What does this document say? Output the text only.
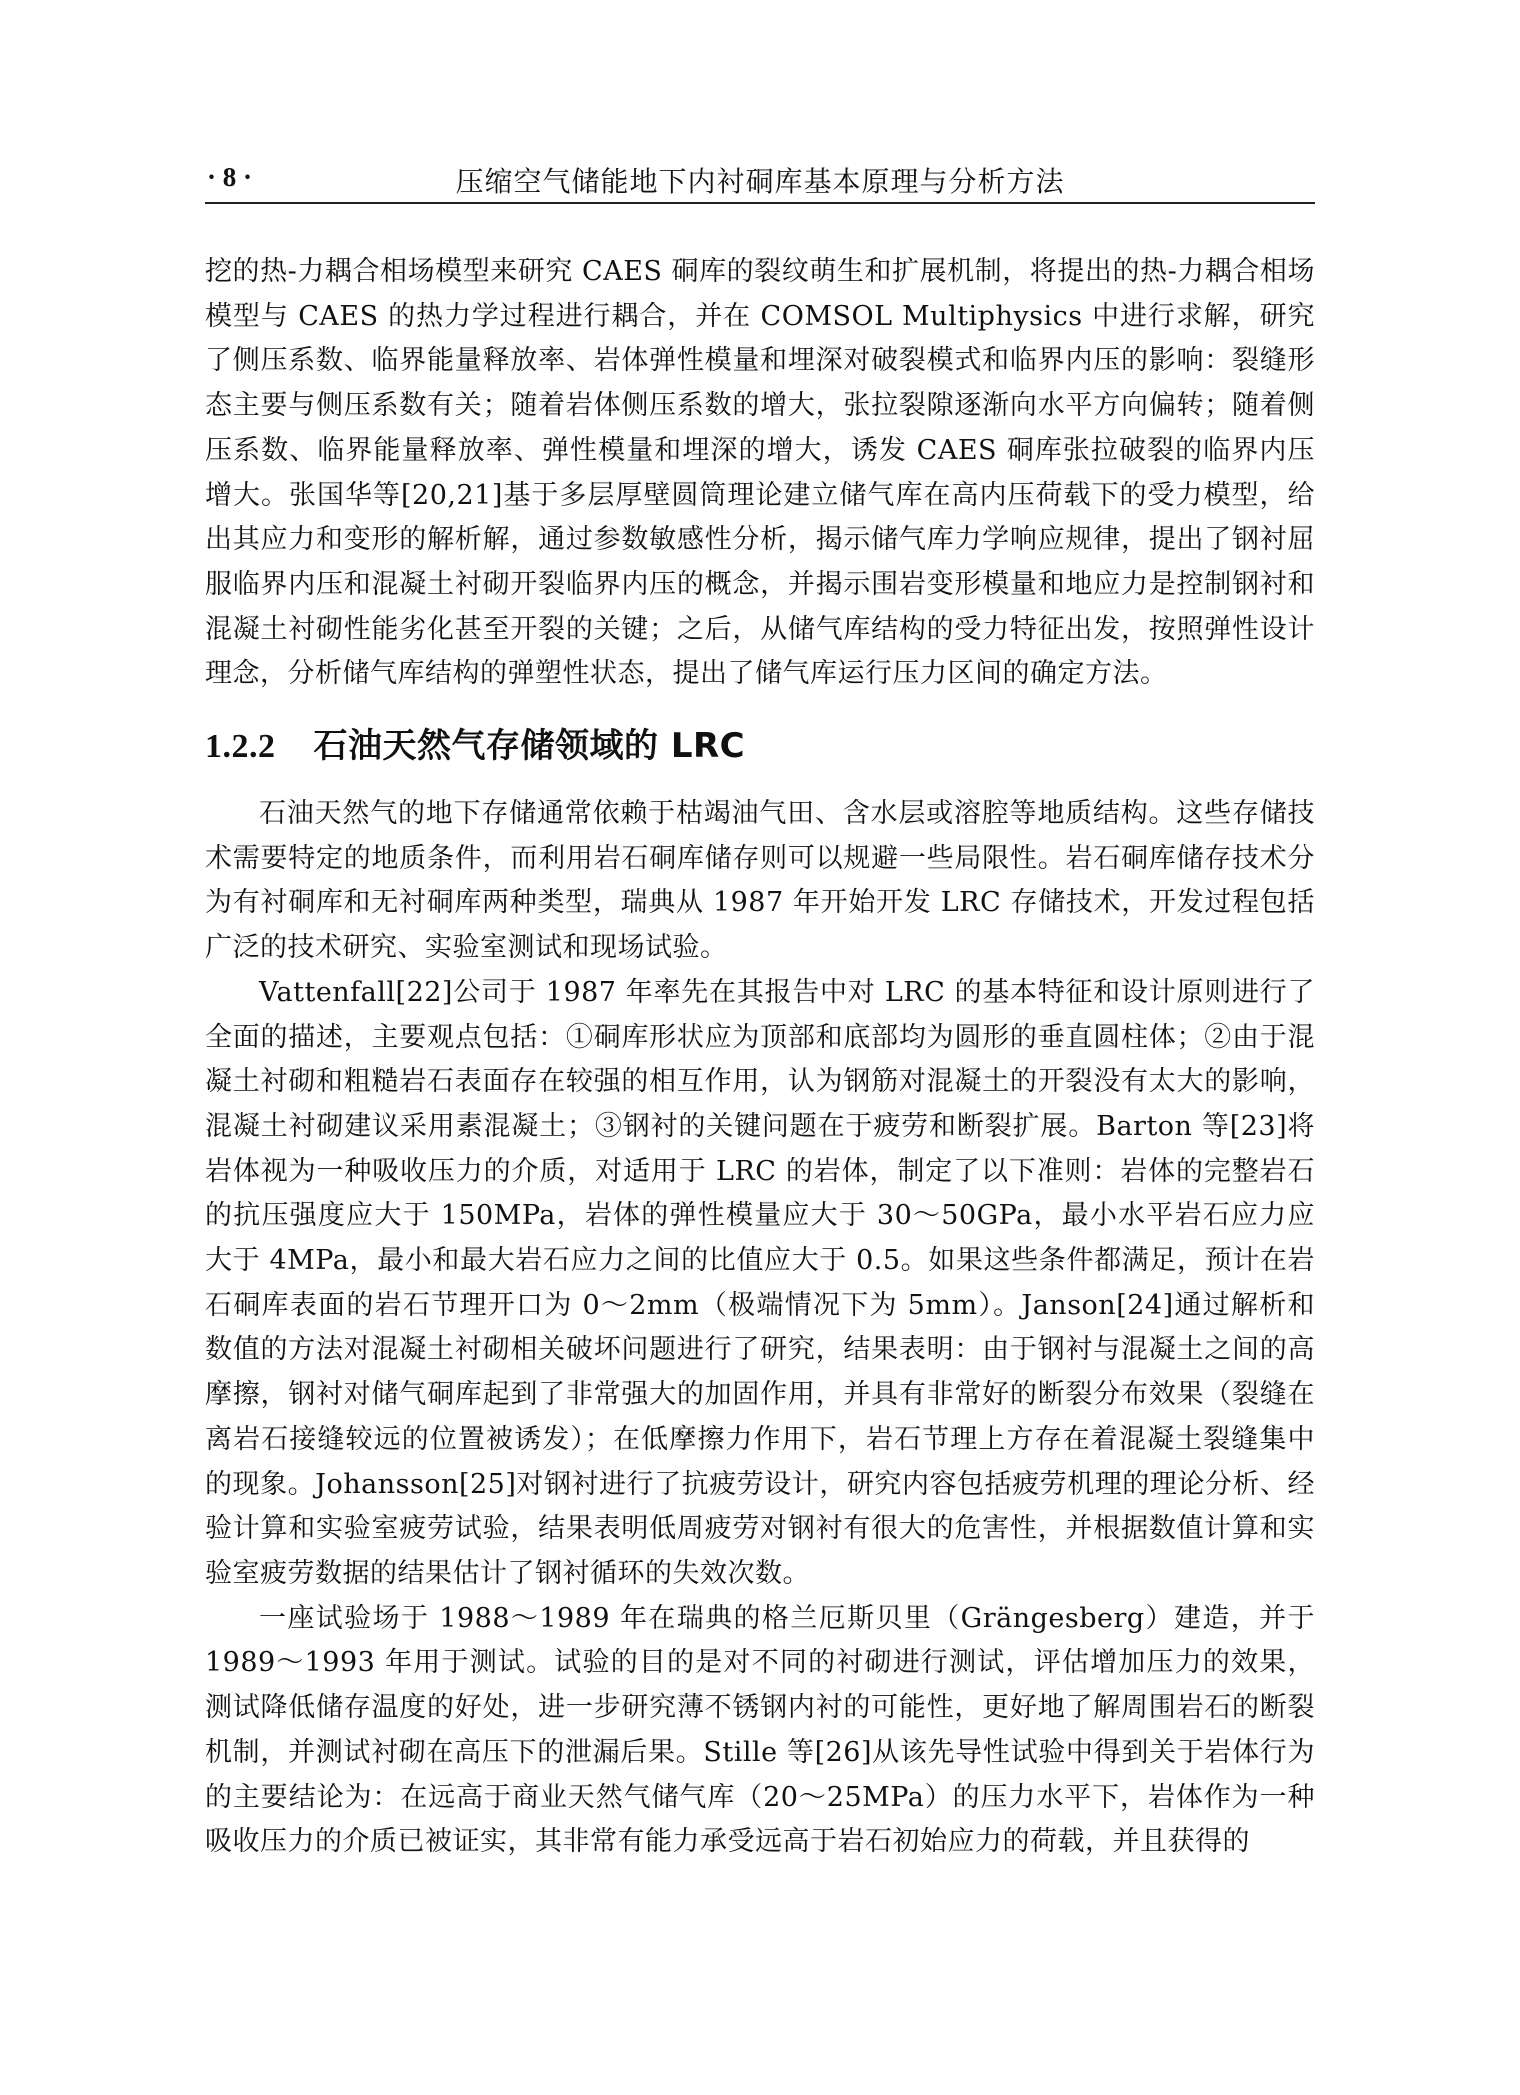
· 8 ·	压缩空气储能地下内衬硐库基本原理与分析方法

挖的热-力耦合相场模型来研究 CAES 硐库的裂纹萌生和扩展机制，将提出的热-力耦合相场模型与 CAES 的热力学过程进行耦合，并在 COMSOL Multiphysics 中进行求解，研究了侧压系数、临界能量释放率、岩体弹性模量和埋深对破裂模式和临界内压的影响：裂缝形态主要与侧压系数有关；随着岩体侧压系数的增大，张拉裂隙逐渐向水平方向偏转；随着侧压系数、临界能量释放率、弹性模量和埋深的增大，诱发 CAES 硐库张拉破裂的临界内压增大。张国华等[20,21]基于多层厚壁圆筒理论建立储气库在高内压荷载下的受力模型，给出其应力和变形的解析解，通过参数敏感性分析，揭示储气库力学响应规律，提出了钢衬屈服临界内压和混凝土衬砌开裂临界内压的概念，并揭示围岩变形模量和地应力是控制钢衬和混凝土衬砌性能劣化甚至开裂的关键；之后，从储气库结构的受力特征出发，按照弹性设计理念，分析储气库结构的弹塑性状态，提出了储气库运行压力区间的确定方法。

1.2.2 石油天然气存储领域的 LRC

石油天然气的地下存储通常依赖于枯竭油气田、含水层或溶腔等地质结构。这些存储技术需要特定的地质条件，而利用岩石硐库储存则可以规避一些局限性。岩石硐库储存技术分为有衬硐库和无衬硐库两种类型，瑞典从 1987 年开始开发 LRC 存储技术，开发过程包括广泛的技术研究、实验室测试和现场试验。

Vattenfall[22]公司于 1987 年率先在其报告中对 LRC 的基本特征和设计原则进行了全面的描述，主要观点包括：①硐库形状应为顶部和底部均为圆形的垂直圆柱体；②由于混凝土衬砌和粗糙岩石表面存在较强的相互作用，认为钢筋对混凝土的开裂没有太大的影响，混凝土衬砌建议采用素混凝土；③钢衬的关键问题在于疲劳和断裂扩展。Barton 等[23]将岩体视为一种吸收压力的介质，对适用于 LRC 的岩体，制定了以下准则：岩体的完整岩石的抗压强度应大于 150MPa，岩体的弹性模量应大于 30～50GPa，最小水平岩石应力应大于 4MPa，最小和最大岩石应力之间的比值应大于 0.5。如果这些条件都满足，预计在岩石硐库表面的岩石节理开口为 0～2mm（极端情况下为 5mm）。Janson[24]通过解析和数值的方法对混凝土衬砌相关破坏问题进行了研究，结果表明：由于钢衬与混凝土之间的高摩擦，钢衬对储气硐库起到了非常强大的加固作用，并具有非常好的断裂分布效果（裂缝在离岩石接缝较远的位置被诱发）；在低摩擦力作用下，岩石节理上方存在着混凝土裂缝集中的现象。Johansson[25]对钢衬进行了抗疲劳设计，研究内容包括疲劳机理的理论分析、经验计算和实验室疲劳试验，结果表明低周疲劳对钢衬有很大的危害性，并根据数值计算和实验室疲劳数据的结果估计了钢衬循环的失效次数。

一座试验场于 1988～1989 年在瑞典的格兰厄斯贝里（Grängesberg）建造，并于 1989～1993 年用于测试。试验的目的是对不同的衬砌进行测试，评估增加压力的效果，测试降低储存温度的好处，进一步研究薄不锈钢内衬的可能性，更好地了解周围岩石的断裂机制，并测试衬砌在高压下的泄漏后果。Stille 等[26]从该先导性试验中得到关于岩体行为的主要结论为：在远高于商业天然气储气库（20～25MPa）的压力水平下，岩体作为一种吸收压力的介质已被证实，其非常有能力承受远高于岩石初始应力的荷载，并且获得的
